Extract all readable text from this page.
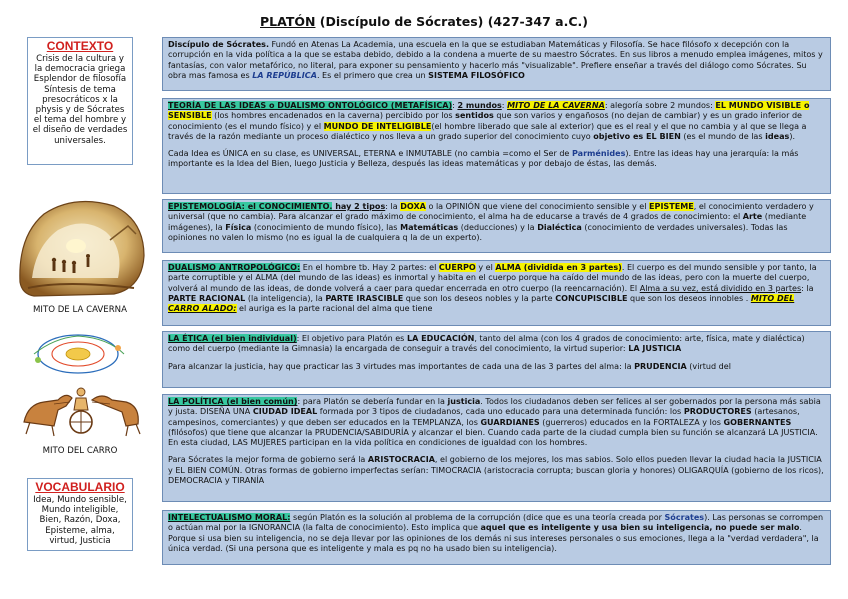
PLATÓN (Discípulo de Sócrates) (427-347 a.C.)
CONTEXTO
Crisis de la cultura y la democracia griega Esplendor de filosofía Síntesis de tema presocráticos x la physis y de Sócrates el tema del hombre y el diseño de verdades universales.
MITO DE LA CAVERNA
MITO DEL CARRO
VOCABULARIO
Idea, Mundo sensible, Mundo inteligible, Bien, Razón, Doxa, Episteme, alma, virtud, Justicia

Discípulo de Sócrates. Fundó en Atenas La Academia, una escuela en la que se estudiaban Matemáticas y Filosofía. Se hace filósofo x decepción con la corrupción en la vida política a la que se estaba debido, debido a la condena a muerte de su maestro Sócrates. En sus libros a menudo emplea imágenes, mitos y fantasías, con valor metafórico, no literal, para exponer su pensamiento y hacerlo más "visualizable". Prefiere enseñar a través del diálogo como Sócrates. Su obra mas famosa es LA REPÚBLICA. Es el primero que crea un SISTEMA FILOSÓFICO

TEORÍA DE LAS IDEAS o DUALISMO ONTOLÓGICO (METAFÍSICA): 2 mundos: MITO DE LA CAVERNA: alegoría sobre 2 mundos: EL MUNDO VISIBLE o SENSIBLE (los hombres encadenados en la caverna) percibido por los sentidos que son varios y engañosos (no dejan de cambiar) y es un grado inferior de conocimiento (es el mundo físico) y el MUNDO DE INTELIGIBLE(el hombre liberado que sale al exterior) que es el real y el que no cambia y al que se llega a través de la razón mediante un proceso dialéctico y nos lleva a un grado superior del conocimiento cuyo objetivo es EL BIEN (es el mundo de las ideas).

Cada Idea es ÚNICA en su clase, es UNIVERSAL, ETERNA e INMUTABLE (no cambia =como el Ser de Parménides). Entre las ideas hay una jerarquía: la más importante es la Idea del Bien, luego Justicia y Belleza, después las ideas matemáticas y por debajo de éstas, las demás.

EPISTEMOLOGÍA: el CONOCIMIENTO. hay 2 tipos: la DOXA o la OPINIÓN que viene del conocimiento sensible y el EPISTEME, el conocimiento verdadero y universal (que no cambia). Para alcanzar el grado máximo de conocimiento, el alma ha de educarse a través de 4 grados de conocimiento: el Arte (mediante imágenes), la Física (conocimiento de mundo físico), las Matemáticas (deducciones) y la Dialéctica (conocimiento de verdades universales). Todas las opiniones no valen lo mismo (no es igual la de cualquiera q la de un experto).

DUALISMO ANTROPOLÓGICO: En el hombre tb. Hay 2 partes: el CUERPO y el ALMA (dividida en 3 partes). El cuerpo es del mundo sensible y por tanto, la parte corruptible y el ALMA (del mundo de las ideas) es inmortal y habita en el cuerpo porque ha caído del mundo de las ideas, pero con la muerte del cuerpo, volverá al mundo de las ideas, de donde volverá a caer para quedar encerrada en otro cuerpo (la reencarnación). El Alma a su vez, está dividido en 3 partes: la PARTE RACIONAL (la inteligencia), la PARTE IRASCIBLE que son los deseos nobles y la parte CONCUPISCIBLE que son los deseos innobles . MITO DEL CARRO ALADO: el auriga es la parte racional del alma que tiene

LA ÉTICA (el bien individual): El objetivo para Platón es LA EDUCACIÓN, tanto del alma (con los 4 grados de conocimiento: arte, física, mate y dialéctica) como del cuerpo (mediante la Gimnasia) la encargada de conseguir a través del conocimiento, la virtud superior: LA JUSTICIA

Para alcanzar la justicia, hay que practicar las 3 virtudes mas importantes de cada una de las 3 partes del alma: la PRUDENCIA (virtud del

LA POLÍTICA (el bien común): para Platón se debería fundar en la justicia. Todos los ciudadanos deben ser felices al ser gobernados por la persona más sabia y justa. DISEÑA UNA CIUDAD IDEAL formada por 3 tipos de ciudadanos, cada uno educado para una determinada función: los PRODUCTORES (artesanos, campesinos, comerciantes) y que deben ser educados en la TEMPLANZA, los GUARDIANES (guerreros) educados en la FORTALEZA y los GOBERNANTES (filósofos) que tiene que alcanzar la PRUDENCIA/SABIDURÍA y alcanzar el bien. Cuando cada parte de la ciudad cumpla bien su función se alcanzará LA JUSTICIA. En esta ciudad, LAS MUJERES participan en la vida política en condiciones de igualdad con los hombres.

Para Sócrates la mejor forma de gobierno será la ARISTOCRACIA, el gobierno de los mejores, los mas sabios. Solo ellos pueden llevar la ciudad hacia la JUSTICIA y EL BIEN COMÚN. Otras formas de gobierno imperfectas serían: TIMOCRACIA (aristocracia corrupta; buscan gloria y honores) OLIGARQUÍA (gobierno de los ricos), DEMOCRACIA y TIRANÍA

INTELECTUALISMO MORAL: según Platón es la solución al problema de la corrupción (dice que es una teoría creada por Sócrates). Las personas se corrompen o actúan mal por la IGNORANCIA (la falta de conocimiento). Esto implica que aquel que es inteligente y usa bien su inteligencia, no puede ser malo. Porque si usa bien su inteligencia, no se deja llevar por las opiniones de los demás ni sus intereses personales o sus emociones, llega a la "verdad verdadera", la única verdad. (Si una persona que es inteligente y mala es pq no ha usado bien su inteligencia).
